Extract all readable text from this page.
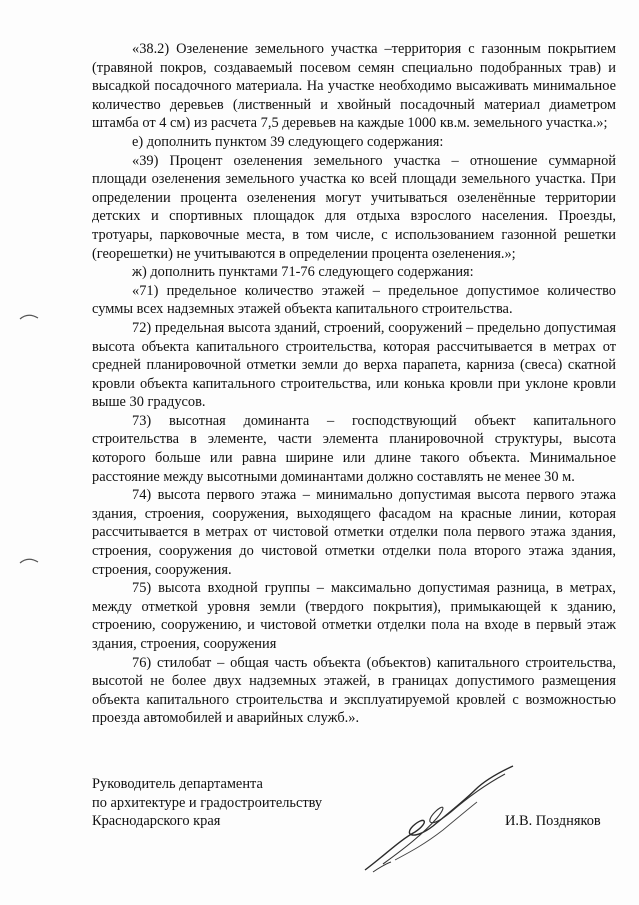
«38.2) Озеленение земельного участка –территория с газонным покрытием (травяной покров, создаваемый посевом семян специально подобранных трав) и высадкой посадочного материала. На участке необходимо высаживать минимальное количество деревьев (лиственный и хвойный посадочный материал диаметром штамба от 4 см) из расчета 7,5 деревьев на каждые 1000 кв.м. земельного участка.»;

е) дополнить пунктом 39 следующего содержания:

«39) Процент озеленения земельного участка – отношение суммарной площади озеленения земельного участка ко всей площади земельного участка. При определении процента озеленения могут учитываться озеленённые территории детских и спортивных площадок для отдыха взрослого населения. Проезды, тротуары, парковочные места, в том числе, с использованием газонной решетки (георешетки) не учитываются в определении процента озеленения.»;

ж) дополнить пунктами 71-76 следующего содержания:

«71) предельное количество этажей – предельное допустимое количество суммы всех надземных этажей объекта капитального строительства.

72) предельная высота зданий, строений, сооружений – предельно допустимая высота объекта капитального строительства, которая рассчитывается в метрах от средней планировочной отметки земли до верха парапета, карниза (свеса) скатной кровли объекта капитального строительства, или конька кровли при уклоне кровли выше 30 градусов.

73) высотная доминанта – господствующий объект капитального строительства в элементе, части элемента планировочной структуры, высота которого больше или равна ширине или длине такого объекта. Минимальное расстояние между высотными доминантами должно составлять не менее 30 м.

74) высота первого этажа – минимально допустимая высота первого этажа здания, строения, сооружения, выходящего фасадом на красные линии, которая рассчитывается в метрах от чистовой отметки отделки пола первого этажа здания, строения, сооружения до чистовой отметки отделки пола второго этажа здания, строения, сооружения.

75) высота входной группы – максимально допустимая разница, в метрах, между отметкой уровня земли (твердого покрытия), примыкающей к зданию, строению, сооружению, и чистовой отметки отделки пола на входе в первый этаж здания, строения, сооружения

76) стилобат – общая часть объекта (объектов) капитального строительства, высотой не более двух надземных этажей, в границах допустимого размещения объекта капитального строительства и эксплуатируемой кровлей с возможностью проезда автомобилей и аварийных служб.».

Руководитель департамента
по архитектуре и градостроительству
Краснодарского края	И.В. Поздняков
